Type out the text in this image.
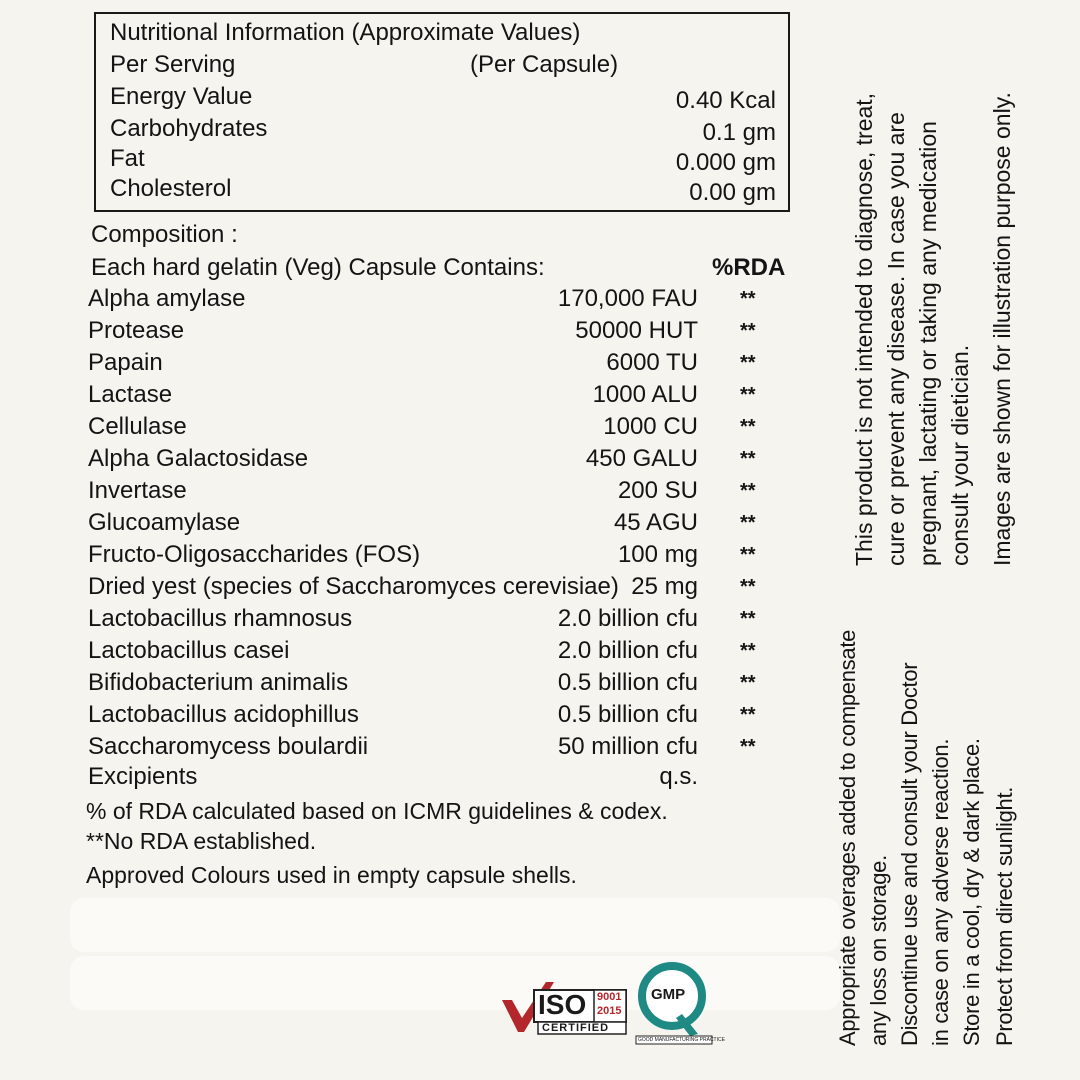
Nutritional Information (Approximate Values)
Per Serving	(Per Capsule)
Energy Value	0.40 Kcal
Carbohydrates	0.1 gm
Fat	0.000 gm
Cholesterol	0.00 gm
Composition :
Each hard gelatin (Veg) Capsule Contains:	%RDA
Alpha amylase	170,000 FAU **
Protease	50000 HUT **
Papain	6000 TU **
Lactase	1000 ALU **
Cellulase	1000 CU **
Alpha Galactosidase	450 GALU **
Invertase	200 SU **
Glucoamylase	45 AGU **
Fructo-Oligosaccharides (FOS)	100 mg **
Dried yest (species of Saccharomyces cerevisiae) 25 mg **
Lactobacillus rhamnosus	2.0 billion cfu **
Lactobacillus casei	2.0 billion cfu **
Bifidobacterium animalis	0.5 billion cfu **
Lactobacillus acidophillus	0.5 billion cfu **
Saccharomycess boulardii	50 million cfu **
Excipients	q.s.
% of RDA calculated based on ICMR guidelines & codex.
**No RDA established.
Approved Colours used in empty capsule shells.
This product is not intended to diagnose, treat, cure or prevent any disease. In case you are pregnant, lactating or taking any medication consult your dietician. Images are shown for illustration purpose only.
Appropriate overages added to compensate any loss on storage. Discontinue use and consult your Doctor in case on any adverse reaction. Store in a cool, dry & dark place. Protect from direct sunlight.
ISO 9001
2015
CERTIFIED
GMP
GOOD MANUFACTURING PRACTICE
